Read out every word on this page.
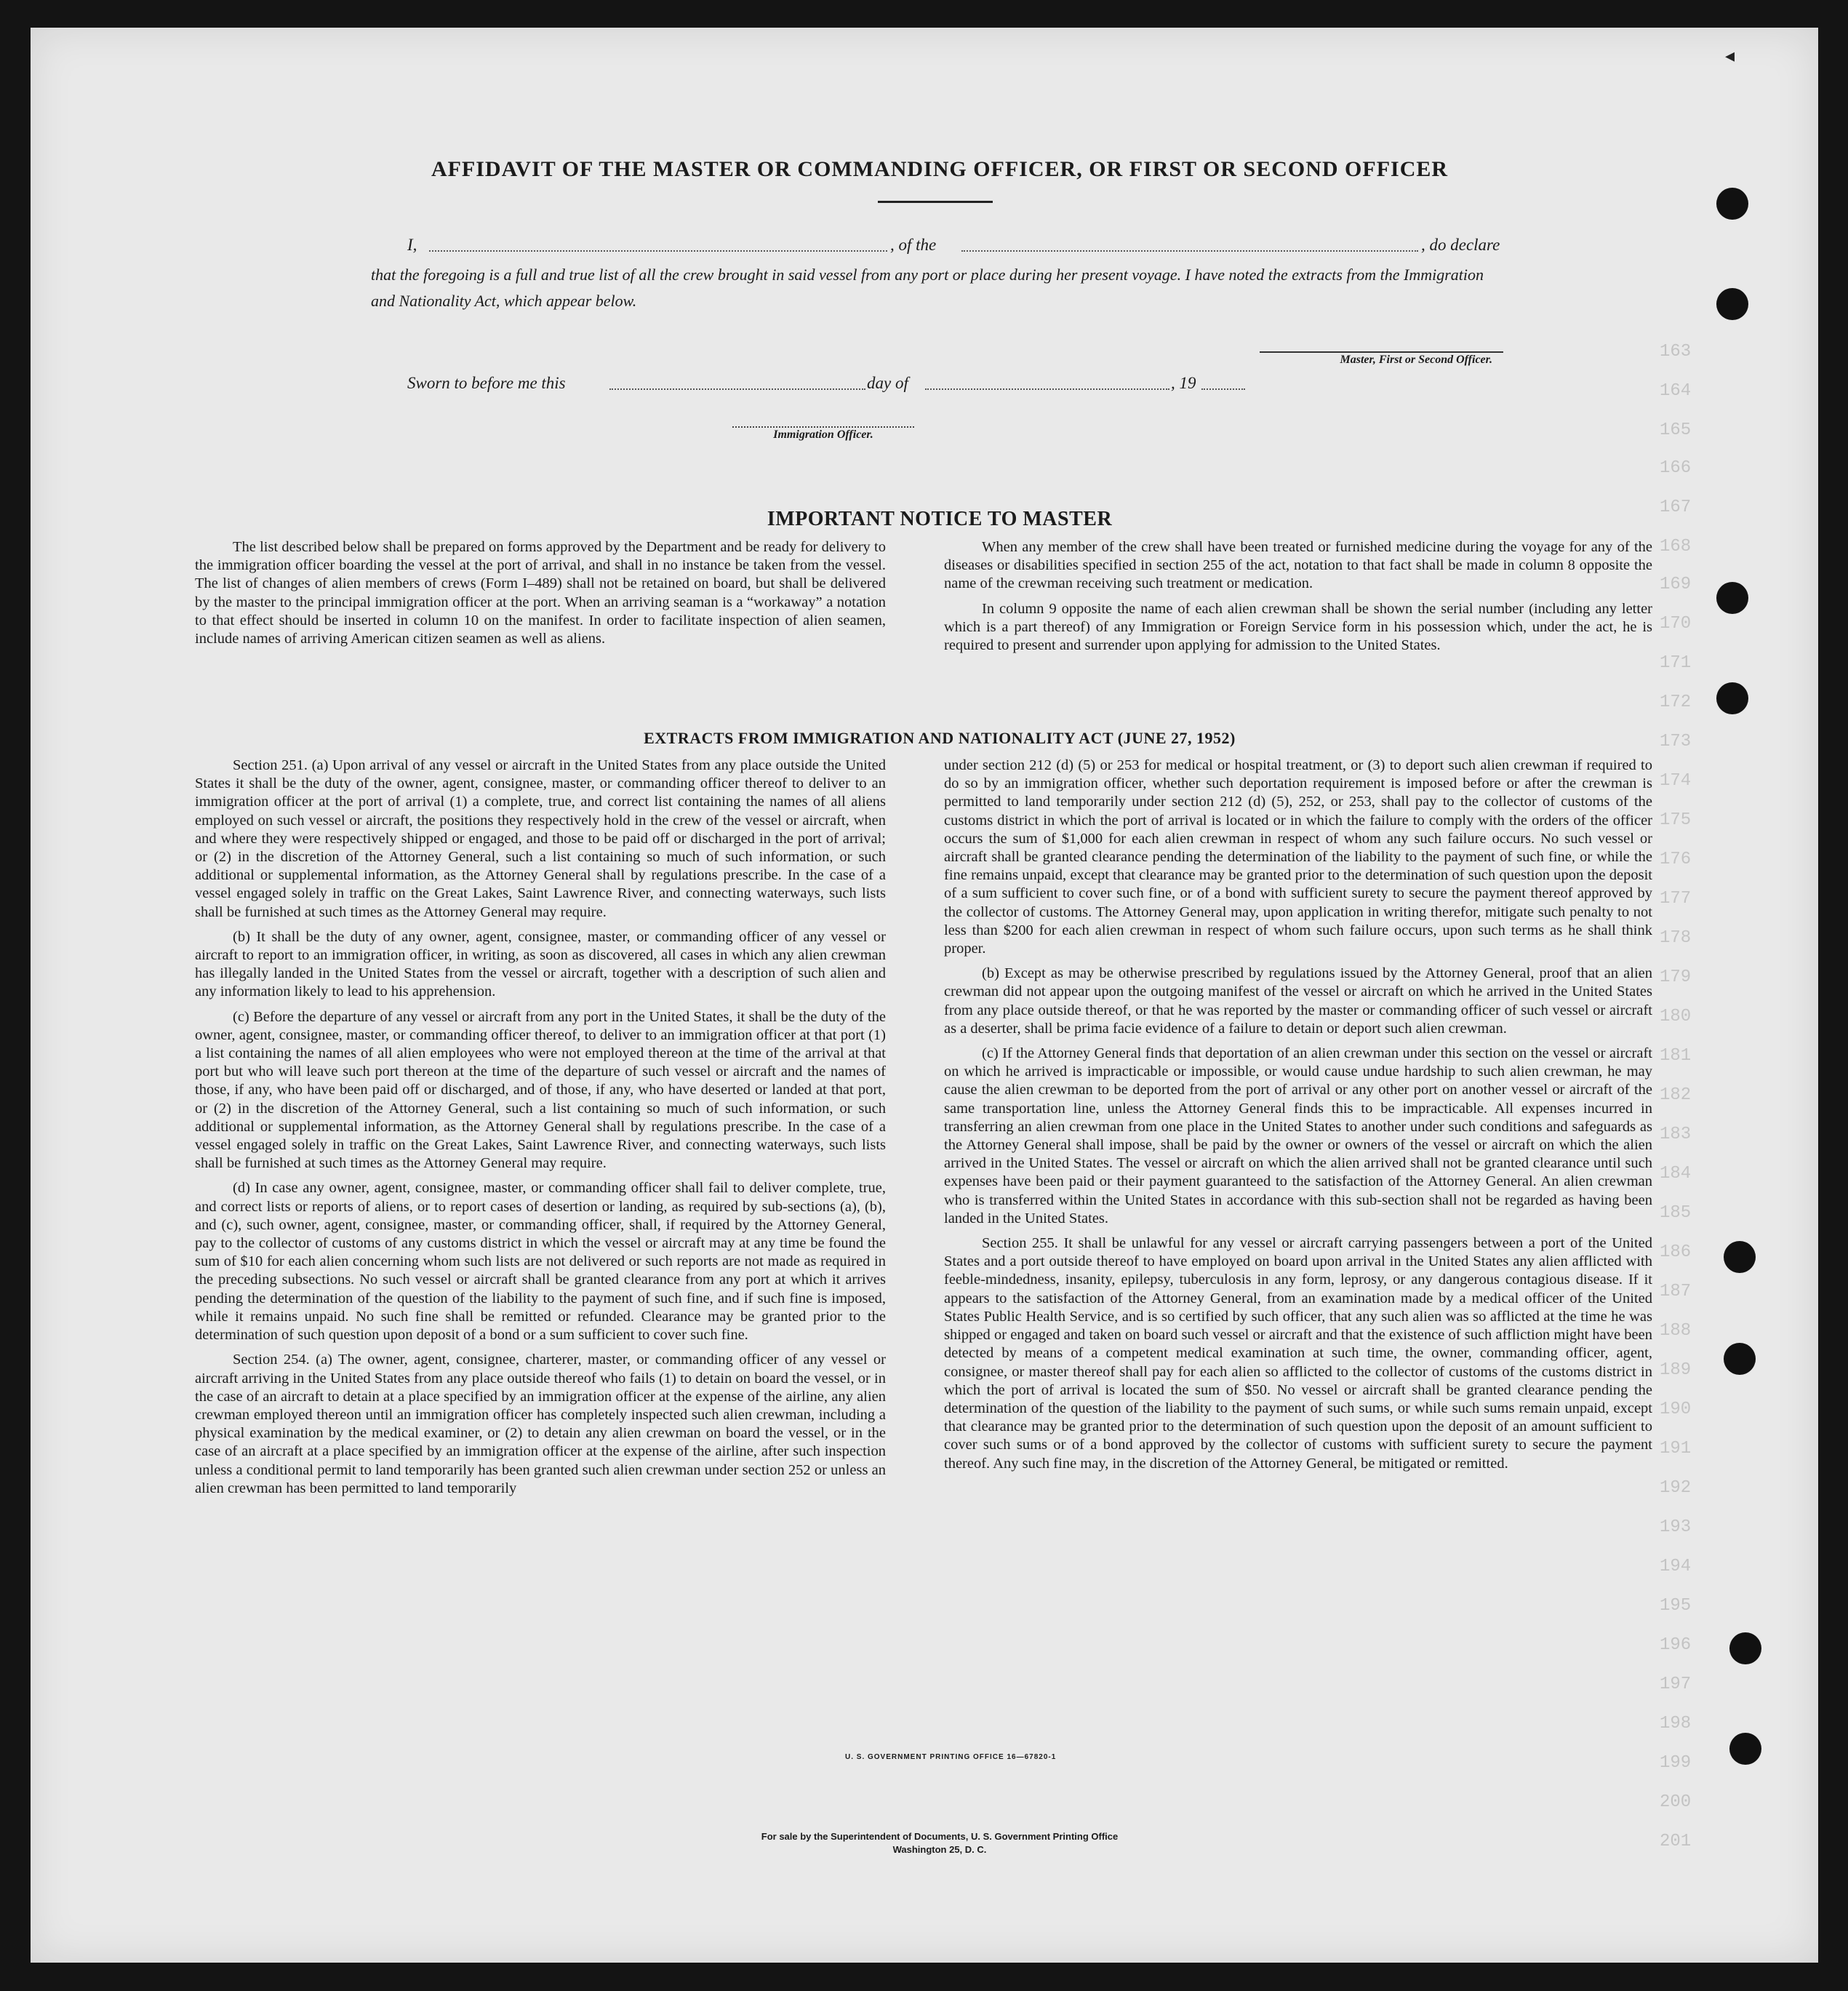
163
164
165
166
167
168
169
170
171
172
173
174
175
176
177
178
179
180
181
182
183
184
185
186
187
188
189
190
191
192
193
194
195
196
197
198
199
200
201
◂
AFFIDAVIT OF THE MASTER OR COMMANDING OFFICER, OR FIRST OR SECOND OFFICER
I,	, of the	, do declare
that the foregoing is a full and true list of all the crew brought in said vessel from any port or place during her present voyage. I have noted the extracts from the Immigration and Nationality Act, which appear below.
Master, First or Second Officer.
Sworn to before me this	day of	, 19
Immigration Officer.
IMPORTANT NOTICE TO MASTER

The list described below shall be prepared on forms approved by the Department and be ready for delivery to the immigration officer boarding the vessel at the port of arrival, and shall in no instance be taken from the vessel. The list of changes of alien members of crews (Form I–489) shall not be retained on board, but shall be delivered by the master to the principal immigration officer at the port. When an arriving seaman is a “workaway” a notation to that effect should be inserted in column 10 on the manifest. In order to facilitate inspection of alien seamen, include names of arriving American citizen seamen as well as aliens.

When any member of the crew shall have been treated or furnished medicine during the voyage for any of the diseases or disabilities specified in section 255 of the act, notation to that fact shall be made in column 8 opposite the name of the crewman receiving such treatment or medication.

In column 9 opposite the name of each alien crewman shall be shown the serial number (including any letter which is a part thereof) of any Immigration or Foreign Service form in his possession which, under the act, he is required to present and surrender upon applying for admission to the United States.

EXTRACTS FROM IMMIGRATION AND NATIONALITY ACT (JUNE 27, 1952)

Section 251. (a) Upon arrival of any vessel or aircraft in the United States from any place outside the United States it shall be the duty of the owner, agent, consignee, master, or commanding officer thereof to deliver to an immigration officer at the port of arrival (1) a complete, true, and correct list containing the names of all aliens employed on such vessel or aircraft, the positions they respectively hold in the crew of the vessel or aircraft, when and where they were respectively shipped or engaged, and those to be paid off or discharged in the port of arrival; or (2) in the discretion of the Attorney General, such a list containing so much of such information, or such additional or supplemental information, as the Attorney General shall by regulations prescribe. In the case of a vessel engaged solely in traffic on the Great Lakes, Saint Lawrence River, and connecting waterways, such lists shall be furnished at such times as the Attorney General may require.

(b) It shall be the duty of any owner, agent, consignee, master, or commanding officer of any vessel or aircraft to report to an immigration officer, in writing, as soon as discovered, all cases in which any alien crewman has illegally landed in the United States from the vessel or aircraft, together with a description of such alien and any information likely to lead to his apprehension.

(c) Before the departure of any vessel or aircraft from any port in the United States, it shall be the duty of the owner, agent, consignee, master, or commanding officer thereof, to deliver to an immigration officer at that port (1) a list containing the names of all alien employees who were not employed thereon at the time of the arrival at that port but who will leave such port thereon at the time of the departure of such vessel or aircraft and the names of those, if any, who have been paid off or discharged, and of those, if any, who have deserted or landed at that port, or (2) in the discretion of the Attorney General, such a list containing so much of such information, or such additional or supplemental information, as the Attorney General shall by regulations prescribe. In the case of a vessel engaged solely in traffic on the Great Lakes, Saint Lawrence River, and connecting waterways, such lists shall be furnished at such times as the Attorney General may require.

(d) In case any owner, agent, consignee, master, or commanding officer shall fail to deliver complete, true, and correct lists or reports of aliens, or to report cases of desertion or landing, as required by sub-sections (a), (b), and (c), such owner, agent, consignee, master, or commanding officer, shall, if required by the Attorney General, pay to the collector of customs of any customs district in which the vessel or aircraft may at any time be found the sum of $10 for each alien concerning whom such lists are not delivered or such reports are not made as required in the preceding subsections. No such vessel or aircraft shall be granted clearance from any port at which it arrives pending the determination of the question of the liability to the payment of such fine, and if such fine is imposed, while it remains unpaid. No such fine shall be remitted or refunded. Clearance may be granted prior to the determination of such question upon deposit of a bond or a sum sufficient to cover such fine.

Section 254. (a) The owner, agent, consignee, charterer, master, or commanding officer of any vessel or aircraft arriving in the United States from any place outside thereof who fails (1) to detain on board the vessel, or in the case of an aircraft to detain at a place specified by an immigration officer at the expense of the airline, any alien crewman employed thereon until an immigration officer has completely inspected such alien crewman, including a physical examination by the medical examiner, or (2) to detain any alien crewman on board the vessel, or in the case of an aircraft at a place specified by an immigration officer at the expense of the airline, after such inspection unless a conditional permit to land temporarily has been granted such alien crewman under section 252 or unless an alien crewman has been permitted to land temporarily

under section 212 (d) (5) or 253 for medical or hospital treatment, or (3) to deport such alien crewman if required to do so by an immigration officer, whether such deportation requirement is imposed before or after the crewman is permitted to land temporarily under section 212 (d) (5), 252, or 253, shall pay to the collector of customs of the customs district in which the port of arrival is located or in which the failure to comply with the orders of the officer occurs the sum of $1,000 for each alien crewman in respect of whom any such failure occurs. No such vessel or aircraft shall be granted clearance pending the determination of the liability to the payment of such fine, or while the fine remains unpaid, except that clearance may be granted prior to the determination of such question upon the deposit of a sum sufficient to cover such fine, or of a bond with sufficient surety to secure the payment thereof approved by the collector of customs. The Attorney General may, upon application in writing therefor, mitigate such penalty to not less than $200 for each alien crewman in respect of whom such failure occurs, upon such terms as he shall think proper.

(b) Except as may be otherwise prescribed by regulations issued by the Attorney General, proof that an alien crewman did not appear upon the outgoing manifest of the vessel or aircraft on which he arrived in the United States from any place outside thereof, or that he was reported by the master or commanding officer of such vessel or aircraft as a deserter, shall be prima facie evidence of a failure to detain or deport such alien crewman.

(c) If the Attorney General finds that deportation of an alien crewman under this section on the vessel or aircraft on which he arrived is impracticable or impossible, or would cause undue hardship to such alien crewman, he may cause the alien crewman to be deported from the port of arrival or any other port on another vessel or aircraft of the same transportation line, unless the Attorney General finds this to be impracticable. All expenses incurred in transferring an alien crewman from one place in the United States to another under such conditions and safeguards as the Attorney General shall impose, shall be paid by the owner or owners of the vessel or aircraft on which the alien arrived in the United States. The vessel or aircraft on which the alien arrived shall not be granted clearance until such expenses have been paid or their payment guaranteed to the satisfaction of the Attorney General. An alien crewman who is transferred within the United States in accordance with this sub-section shall not be regarded as having been landed in the United States.

Section 255. It shall be unlawful for any vessel or aircraft carrying passengers between a port of the United States and a port outside thereof to have employed on board upon arrival in the United States any alien afflicted with feeble-mindedness, insanity, epilepsy, tuberculosis in any form, leprosy, or any dangerous contagious disease. If it appears to the satisfaction of the Attorney General, from an examination made by a medical officer of the United States Public Health Service, and is so certified by such officer, that any such alien was so afflicted at the time he was shipped or engaged and taken on board such vessel or aircraft and that the existence of such affliction might have been detected by means of a competent medical examination at such time, the owner, commanding officer, agent, consignee, or master thereof shall pay for each alien so afflicted to the collector of customs of the customs district in which the port of arrival is located the sum of $50. No vessel or aircraft shall be granted clearance pending the determination of the question of the liability to the payment of such sums, or while such sums remain unpaid, except that clearance may be granted prior to the determination of such question upon the deposit of an amount sufficient to cover such sums or of a bond approved by the collector of customs with sufficient surety to secure the payment thereof. Any such fine may, in the discretion of the Attorney General, be mitigated or remitted.

U. S. GOVERNMENT PRINTING OFFICE 16—67820-1
For sale by the Superintendent of Documents, U. S. Government Printing Office
Washington 25, D. C.
